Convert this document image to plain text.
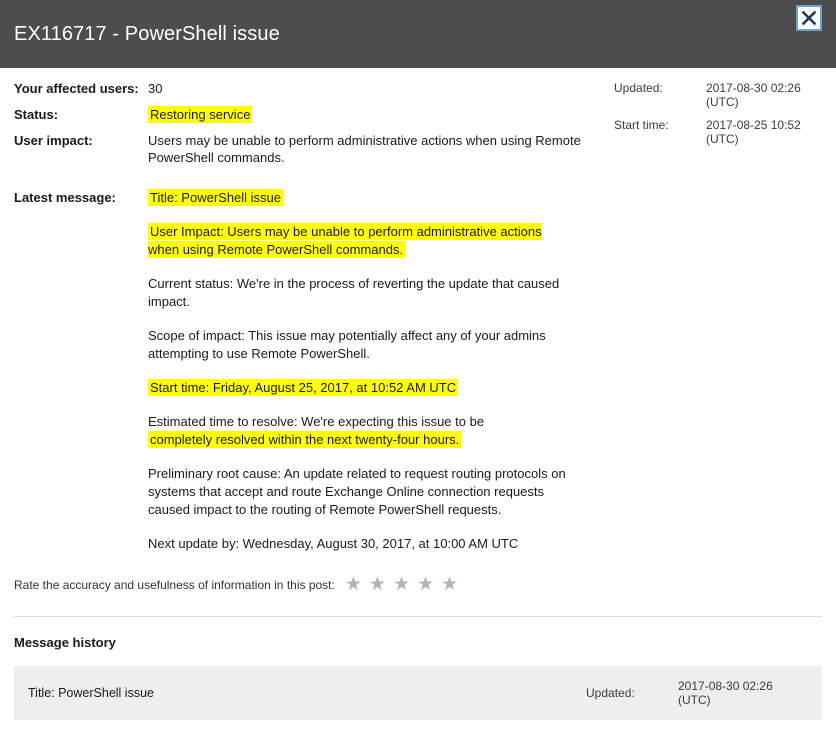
EX116717 - PowerShell issue
Your affected users: 30
Status:	Restoring service
User impact:	Users may be unable to perform administrative actions when using Remote PowerShell commands.
Updated:	2017-08-30 02:26 (UTC)
Start time:	2017-08-25 10:52 (UTC)
Latest message:	Title: PowerShell issue

User Impact: Users may be unable to perform administrative actions when using Remote PowerShell commands.

Current status: We're in the process of reverting the update that caused impact.

Scope of impact: This issue may potentially affect any of your admins attempting to use Remote PowerShell.

Start time: Friday, August 25, 2017, at 10:52 AM UTC

Estimated time to resolve: We're expecting this issue to be
completely resolved within the next twenty-four hours.

Preliminary root cause: An update related to request routing protocols on systems that accept and route Exchange Online connection requests caused impact to the routing of Remote PowerShell requests.

Next update by: Wednesday, August 30, 2017, at 10:00 AM UTC

Rate the accuracy and usefulness of information in this post: ★ ★ ★ ★ ★
Message history
Title: PowerShell issue	Updated:	2017-08-30 02:26 (UTC)
